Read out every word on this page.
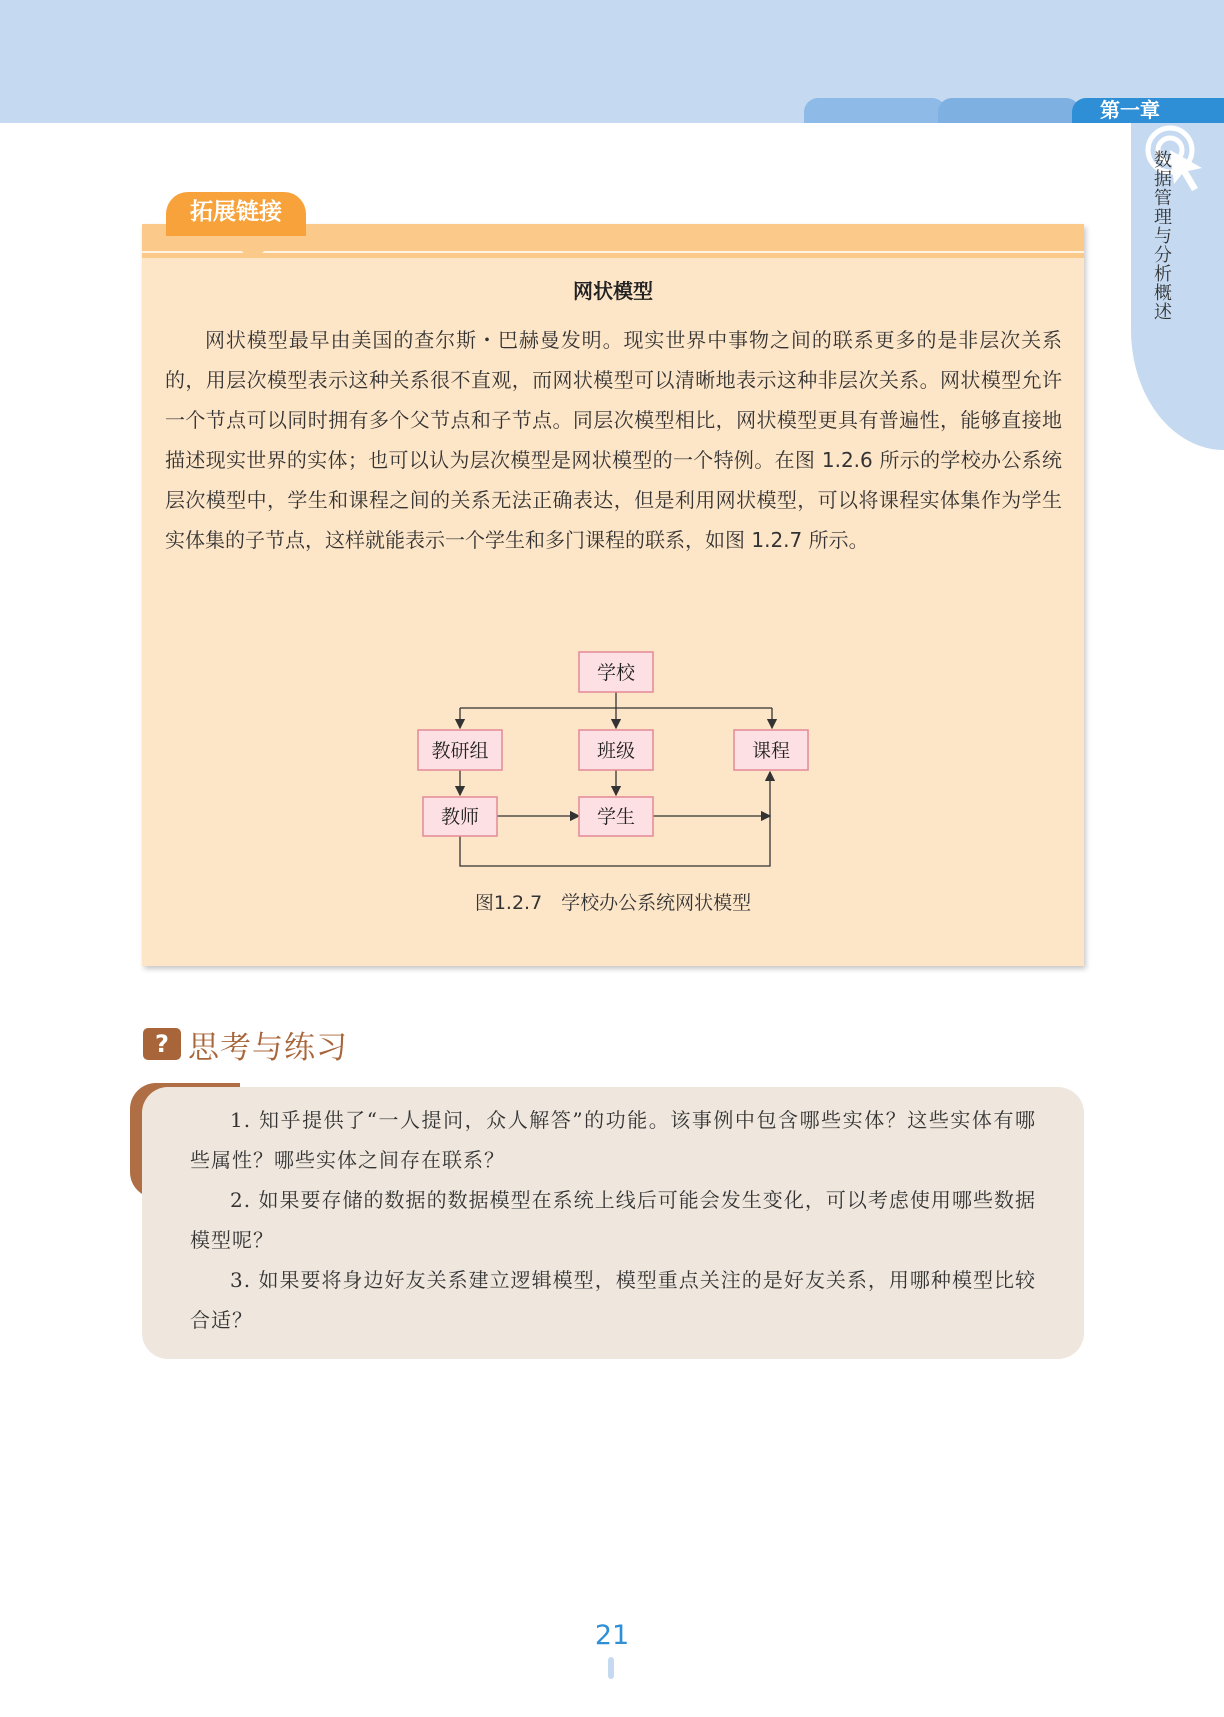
第一章
数据管理与分析概述
拓展链接
网状模型

网状模型最早由美国的查尔斯・巴赫曼发明。现实世界中事物之间的联系更多的是非层次关系的，用层次模型表示这种关系很不直观，而网状模型可以清晰地表示这种非层次关系。网状模型允许一个节点可以同时拥有多个父节点和子节点。同层次模型相比，网状模型更具有普遍性，能够直接地描述现实世界的实体；也可以认为层次模型是网状模型的一个特例。在图 1.2.6 所示的学校办公系统层次模型中，学生和课程之间的关系无法正确表达，但是利用网状模型，可以将课程实体集作为学生实体集的子节点，这样就能表示一个学生和多门课程的联系，如图 1.2.7 所示。

学校
教研组	班级	课程
教师	学生
图1.2.7　学校办公系统网状模型
? 思考与练习
1. 知乎提供了“一人提问，众人解答”的功能。该事例中包含哪些实体？这些实体有哪些属性？哪些实体之间存在联系？
2. 如果要存储的数据的数据模型在系统上线后可能会发生变化，可以考虑使用哪些数据模型呢？
3. 如果要将身边好友关系建立逻辑模型，模型重点关注的是好友关系，用哪种模型比较合适？
21
